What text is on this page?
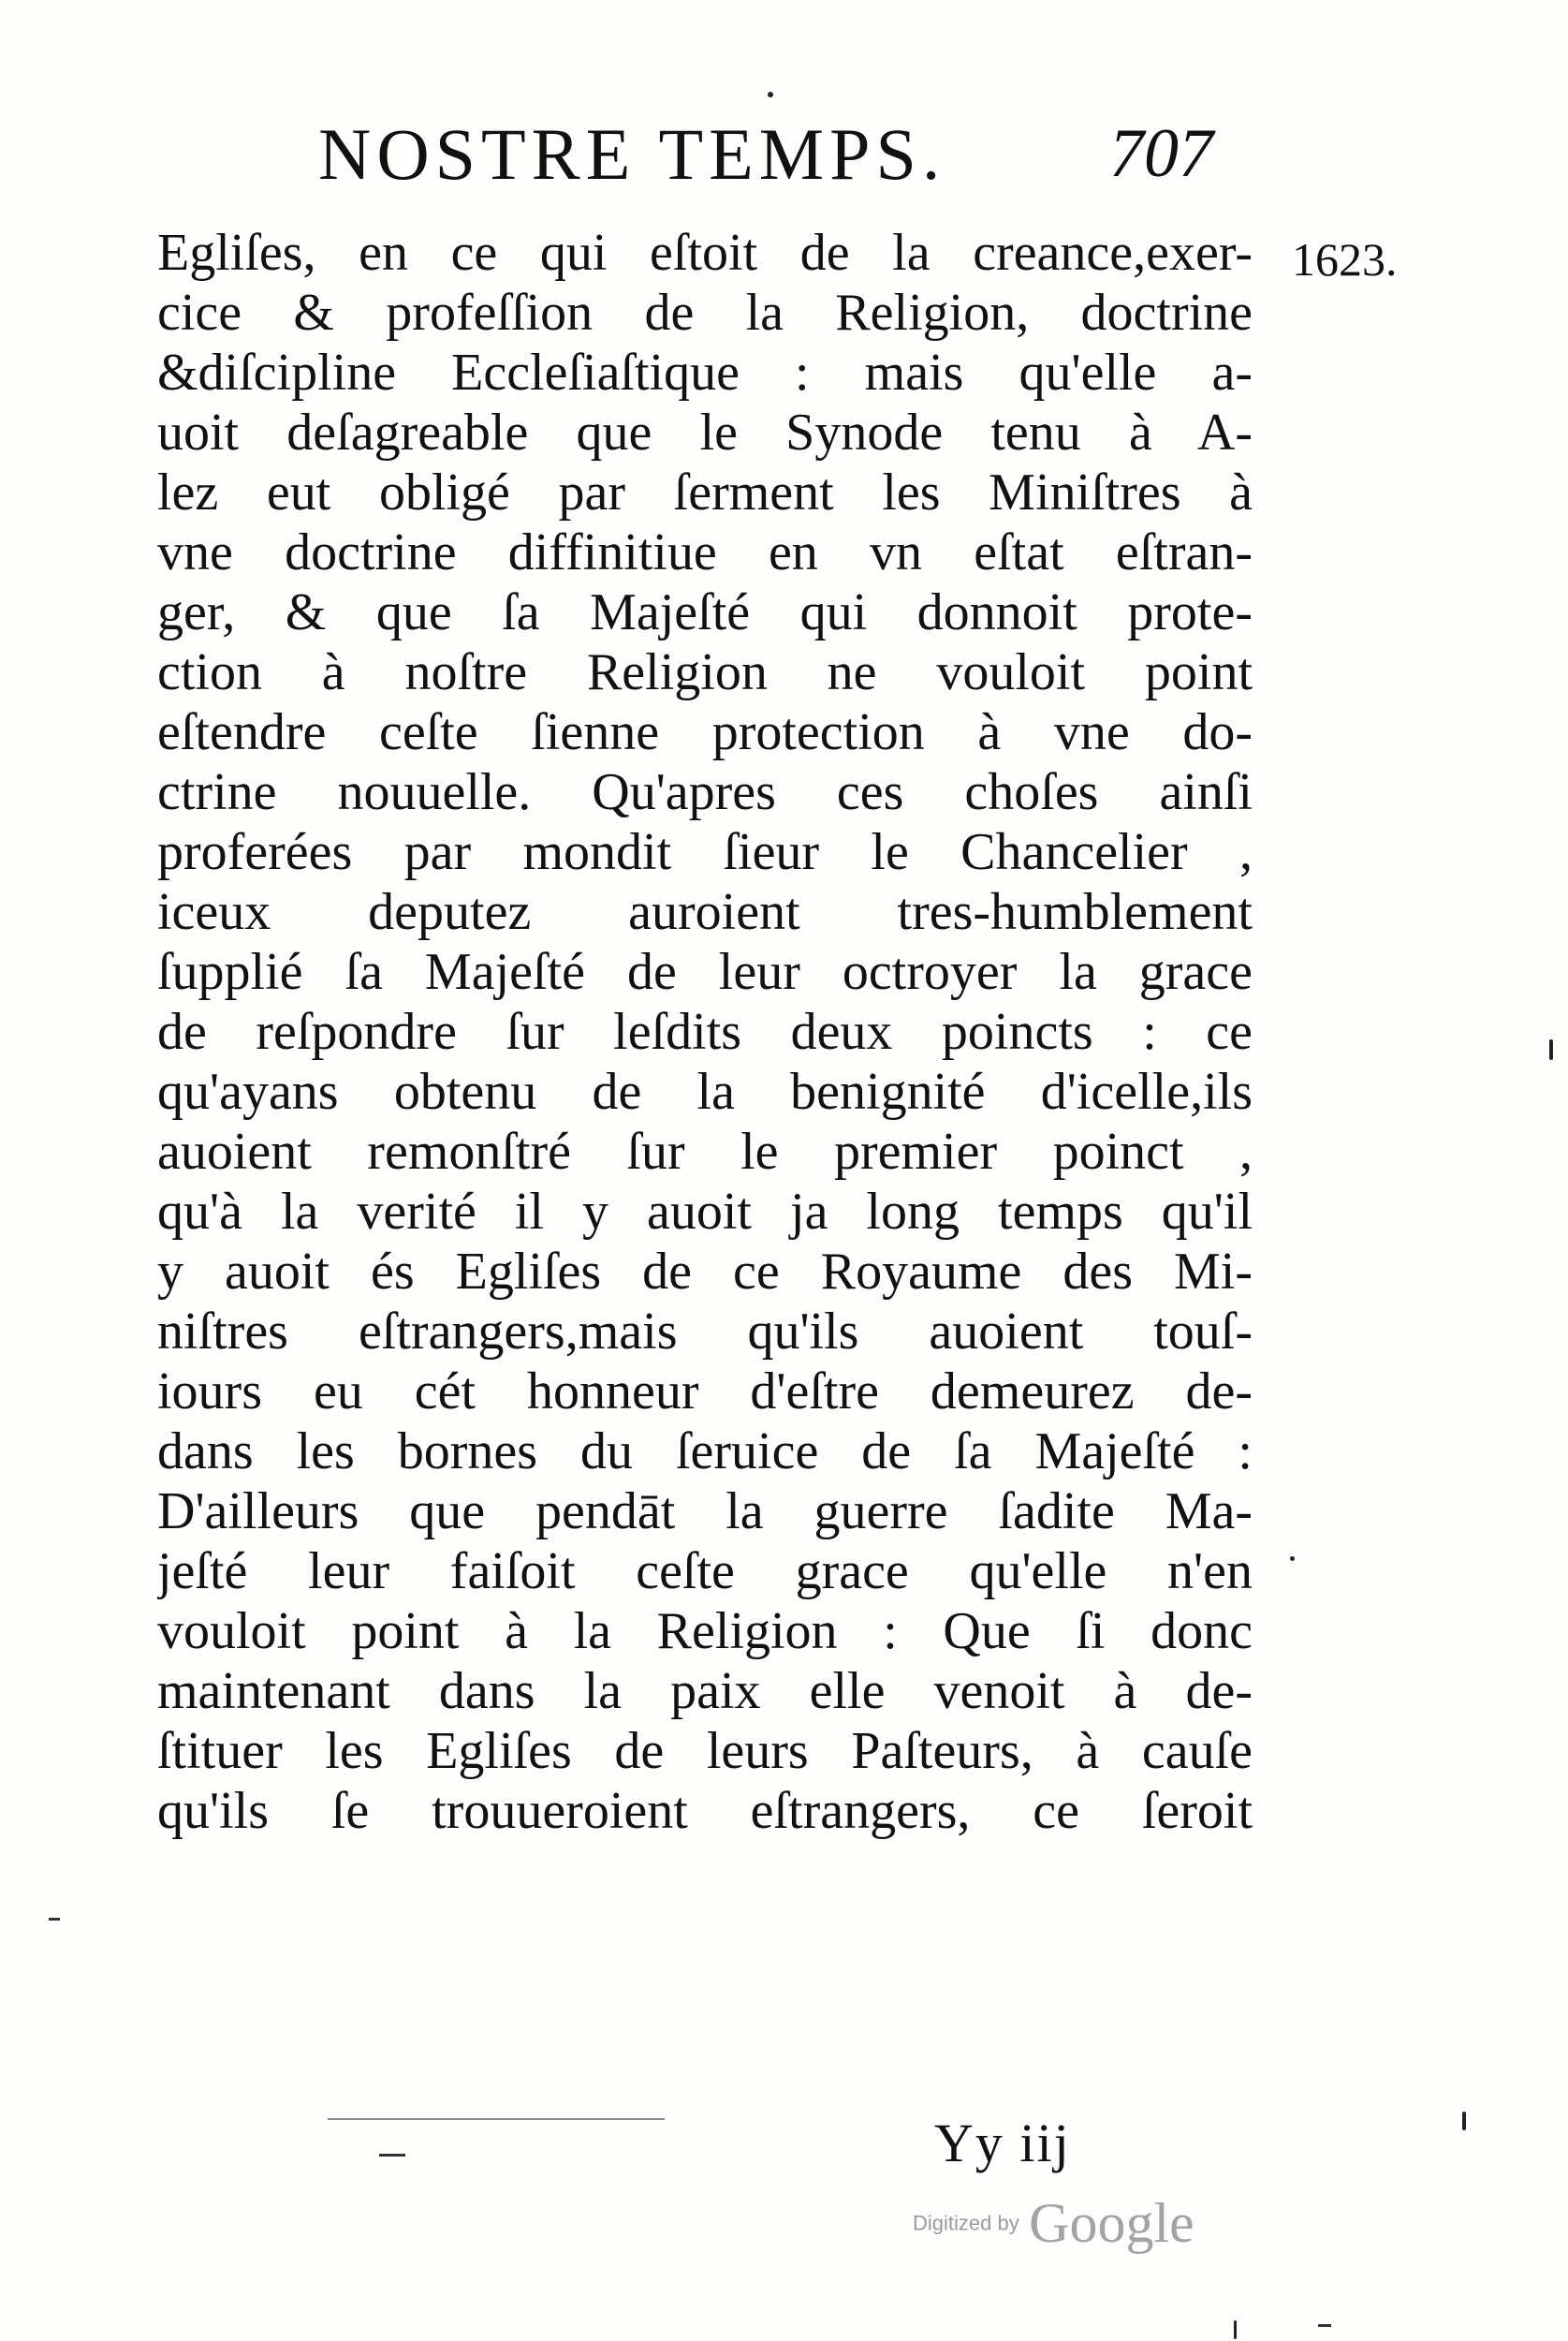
NOSTRE TEMPS. 707
1623.
Egliſes, en ce qui eſtoit de la creance,exer-
cice & profeſſion de la Religion, doctrine
&diſcipline Eccleſiaſtique : mais qu'elle a-
uoit deſagreable que le Synode tenu à A-
lez eut obligé par ſerment les Miniſtres à
vne doctrine diffinitiue en vn eſtat eſtran-
ger, & que ſa Majeſté qui donnoit prote-
ction à noſtre Religion ne vouloit point
eſtendre ceſte ſienne protection à vne do-
ctrine nouuelle. Qu'apres ces choſes ainſi
proferées par mondit ſieur le Chancelier ,
iceux deputez auroient tres-humblement
ſupplié ſa Majeſté de leur octroyer la grace
de reſpondre ſur leſdits deux poincts : ce
qu'ayans obtenu de la benignité d'icelle,ils
auoient remonſtré ſur le premier poinct ,
qu'à la verité il y auoit ja long temps qu'il
y auoit és Egliſes de ce Royaume des Mi-
niſtres eſtrangers,mais qu'ils auoient touſ-
iours eu cét honneur d'eſtre demeurez de-
dans les bornes du ſeruice de ſa Majeſté :
D'ailleurs que pendāt la guerre ſadite Ma-
jeſté leur faiſoit ceſte grace qu'elle n'en
vouloit point à la Religion : Que ſi donc
maintenant dans la paix elle venoit à de-
ſtituer les Egliſes de leurs Paſteurs, à cauſe
qu'ils ſe trouueroient eſtrangers, ce ſeroit
Yy iij
Digitized by Google
